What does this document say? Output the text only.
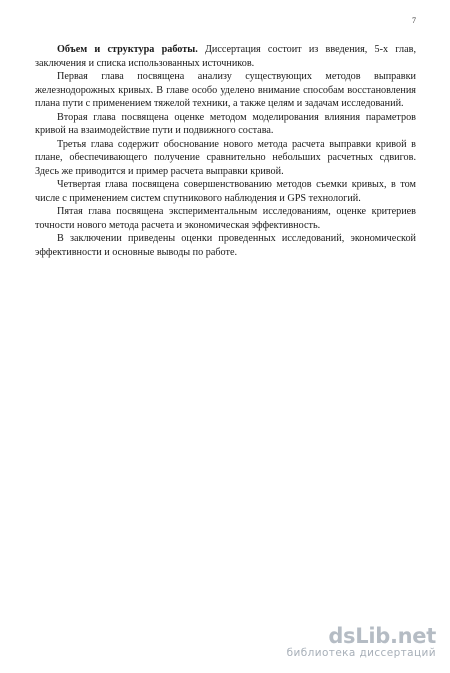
7

Объем и структура работы. Диссертация состоит из введения, 5-х глав, заключения и списка использованных источников.

Первая глава посвящена анализу существующих методов выправки железнодорожных кривых. В главе особо уделено внимание способам восстановления плана пути с применением тяжелой техники, а также целям и задачам исследований.

Вторая глава посвящена оценке методом моделирования влияния параметров кривой на взаимодействие пути и подвижного состава.

Третья глава содержит обоснование нового метода расчета выправки кривой в плане, обеспечивающего получение сравнительно небольших расчетных сдвигов. Здесь же приводится и пример расчета выправки кривой.

Четвертая глава посвящена совершенствованию методов съемки кривых, в том числе с применением систем спутникового наблюдения и GPS технологий.

Пятая глава посвящена экспериментальным исследованиям, оценке критериев точности нового метода расчета и экономическая эффективность.

В заключении приведены оценки проведенных исследований, экономической эффективности и основные выводы по работе.

dsLib.net
библиотека диссертаций
